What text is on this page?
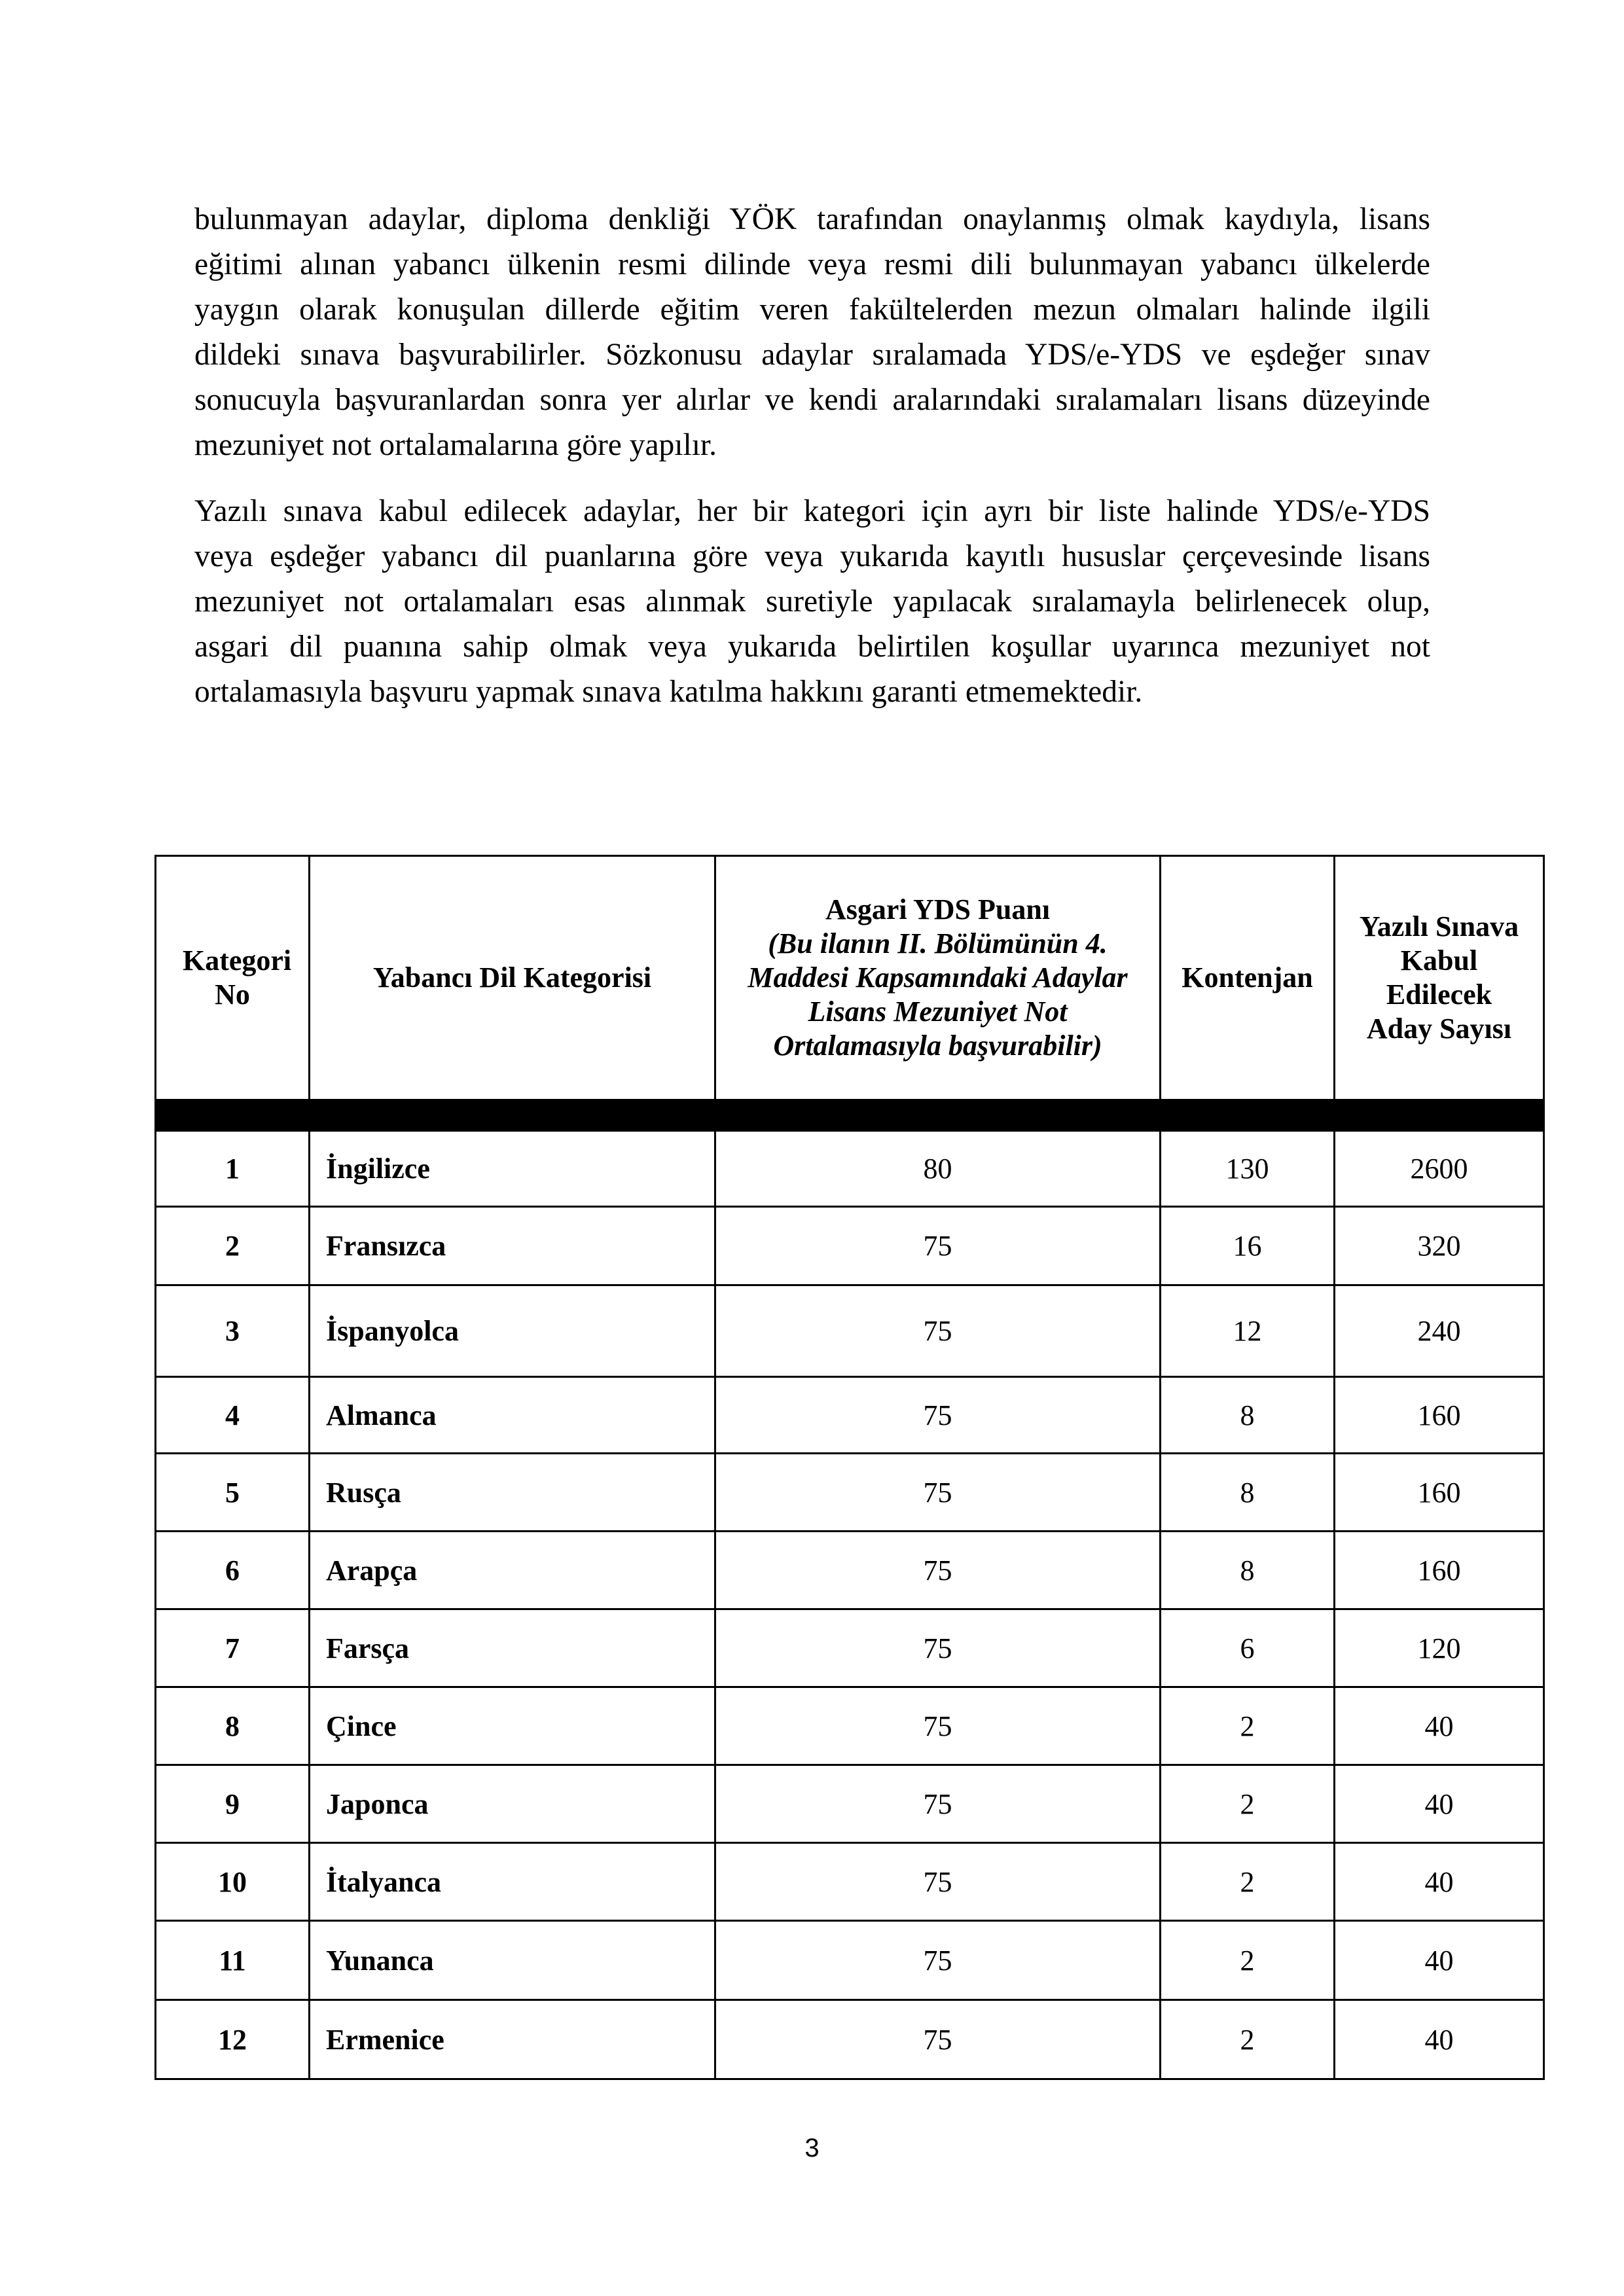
bulunmayan adaylar, diploma denkliği YÖK tarafından onaylanmış olmak kaydıyla, lisans
eğitimi alınan yabancı ülkenin resmi dilinde veya resmi dili bulunmayan yabancı ülkelerde
yaygın olarak konuşulan dillerde eğitim veren fakültelerden mezun olmaları halinde ilgili
dildeki sınava başvurabilirler. Sözkonusu adaylar sıralamada YDS/e-YDS ve eşdeğer sınav
sonucuyla başvuranlardan sonra yer alırlar ve kendi aralarındaki sıralamaları lisans düzeyinde
mezuniyet not ortalamalarına göre yapılır.

Yazılı sınava kabul edilecek adaylar, her bir kategori için ayrı bir liste halinde YDS/e-YDS
veya eşdeğer yabancı dil puanlarına göre veya yukarıda kayıtlı hususlar çerçevesinde lisans
mezuniyet not ortalamaları esas alınmak suretiyle yapılacak sıralamayla belirlenecek olup,
asgari dil puanına sahip olmak veya yukarıda belirtilen koşullar uyarınca mezuniyet not
ortalamasıyla başvuru yapmak sınava katılma hakkını garanti etmemektedir.

Kategori No	Yabancı Dil Kategorisi	Asgari YDS Puanı
(Bu ilanın II. Bölümünün 4. Maddesi Kapsamındaki Adaylar Lisans Mezuniyet Not Ortalamasıyla başvurabilir)	Kontenjan	Yazılı Sınava Kabul Edilecek Aday Sayısı

1	İngilizce	80	130	2600
2	Fransızca	75	16	320
3	İspanyolca	75	12	240
4	Almanca	75	8	160
5	Rusça	75	8	160
6	Arapça	75	8	160
7	Farsça	75	6	120
8	Çince	75	2	40
9	Japonca	75	2	40
10	İtalyanca	75	2	40
11	Yunanca	75	2	40
12	Ermenice	75	2	40
3
